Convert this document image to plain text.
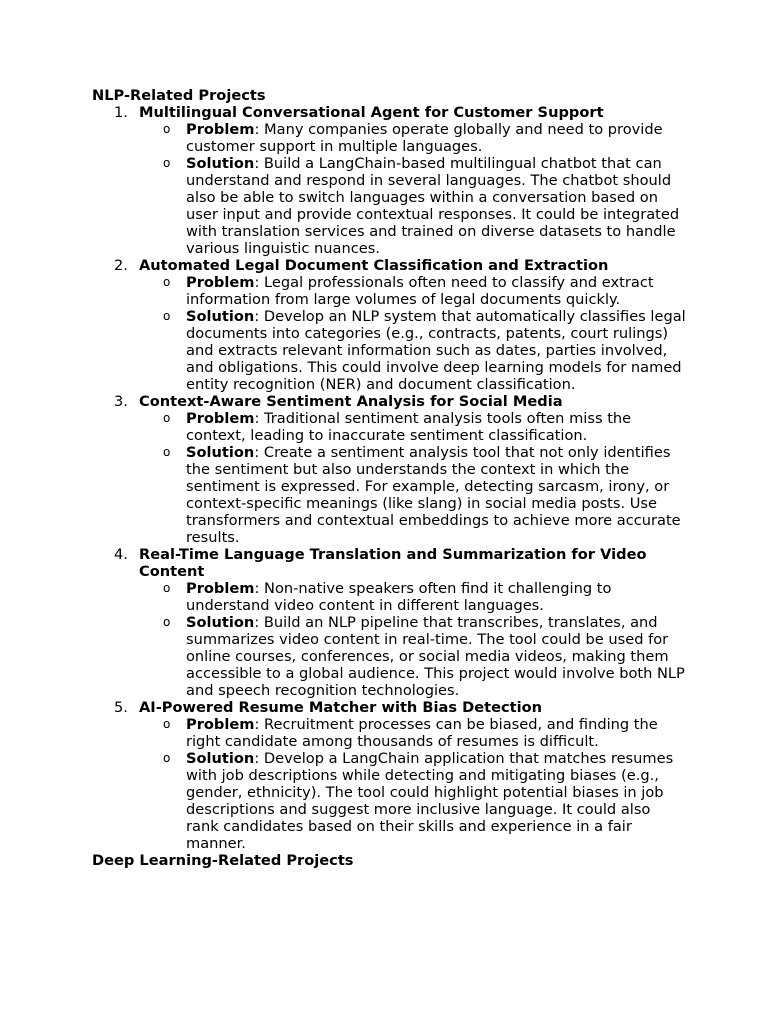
NLP-Related Projects
1. Multilingual Conversational Agent for Customer Support
o Problem: Many companies operate globally and need to provide customer support in multiple languages.
o Solution: Build a LangChain-based multilingual chatbot that can understand and respond in several languages. The chatbot should also be able to switch languages within a conversation based on user input and provide contextual responses. It could be integrated with translation services and trained on diverse datasets to handle various linguistic nuances.
2. Automated Legal Document Classification and Extraction
o Problem: Legal professionals often need to classify and extract information from large volumes of legal documents quickly.
o Solution: Develop an NLP system that automatically classifies legal documents into categories (e.g., contracts, patents, court rulings) and extracts relevant information such as dates, parties involved, and obligations. This could involve deep learning models for named entity recognition (NER) and document classification.
3. Context-Aware Sentiment Analysis for Social Media
o Problem: Traditional sentiment analysis tools often miss the context, leading to inaccurate sentiment classification.
o Solution: Create a sentiment analysis tool that not only identifies the sentiment but also understands the context in which the sentiment is expressed. For example, detecting sarcasm, irony, or context-specific meanings (like slang) in social media posts. Use transformers and contextual embeddings to achieve more accurate results.
4. Real-Time Language Translation and Summarization for Video Content
o Problem: Non-native speakers often find it challenging to understand video content in different languages.
o Solution: Build an NLP pipeline that transcribes, translates, and summarizes video content in real-time. The tool could be used for online courses, conferences, or social media videos, making them accessible to a global audience. This project would involve both NLP and speech recognition technologies.
5. AI-Powered Resume Matcher with Bias Detection
o Problem: Recruitment processes can be biased, and finding the right candidate among thousands of resumes is difficult.
o Solution: Develop a LangChain application that matches resumes with job descriptions while detecting and mitigating biases (e.g., gender, ethnicity). The tool could highlight potential biases in job descriptions and suggest more inclusive language. It could also rank candidates based on their skills and experience in a fair manner.
Deep Learning-Related Projects
